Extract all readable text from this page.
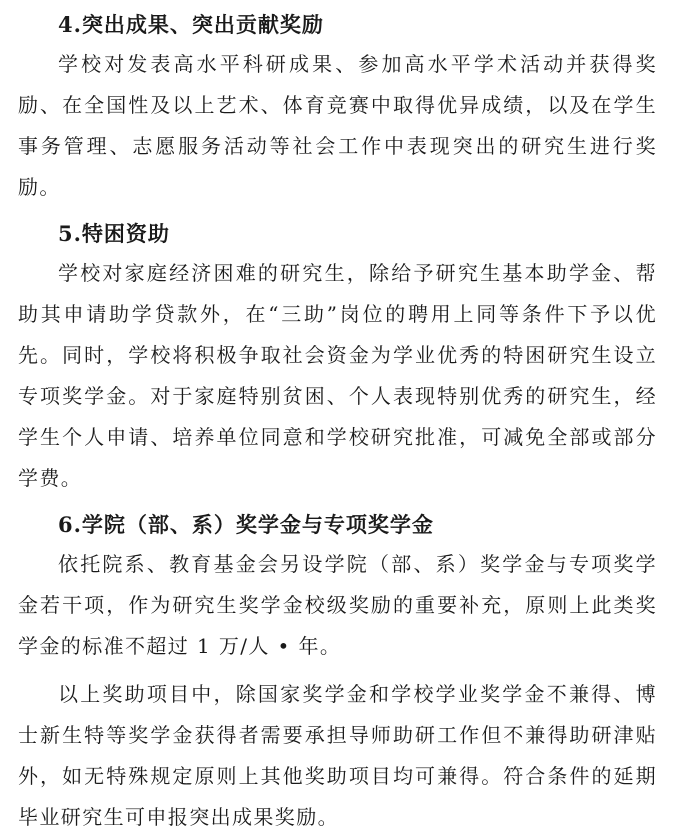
4.突出成果、突出贡献奖励

学校对发表高水平科研成果、参加高水平学术活动并获得奖励、在全国性及以上艺术、体育竞赛中取得优异成绩，以及在学生事务管理、志愿服务活动等社会工作中表现突出的研究生进行奖励。

5.特困资助

学校对家庭经济困难的研究生，除给予研究生基本助学金、帮助其申请助学贷款外，在“三助”岗位的聘用上同等条件下予以优先。同时，学校将积极争取社会资金为学业优秀的特困研究生设立专项奖学金。对于家庭特别贫困、个人表现特别优秀的研究生，经学生个人申请、培养单位同意和学校研究批准，可减免全部或部分学费。

6.学院（部、系）奖学金与专项奖学金

依托院系、教育基金会另设学院（部、系）奖学金与专项奖学金若干项，作为研究生奖学金校级奖励的重要补充，原则上此类奖学金的标准不超过 1 万/人 • 年。

以上奖助项目中，除国家奖学金和学校学业奖学金不兼得、博士新生特等奖学金获得者需要承担导师助研工作但不兼得助研津贴外，如无特殊规定原则上其他奖助项目均可兼得。符合条件的延期毕业研究生可申报突出成果奖励。
